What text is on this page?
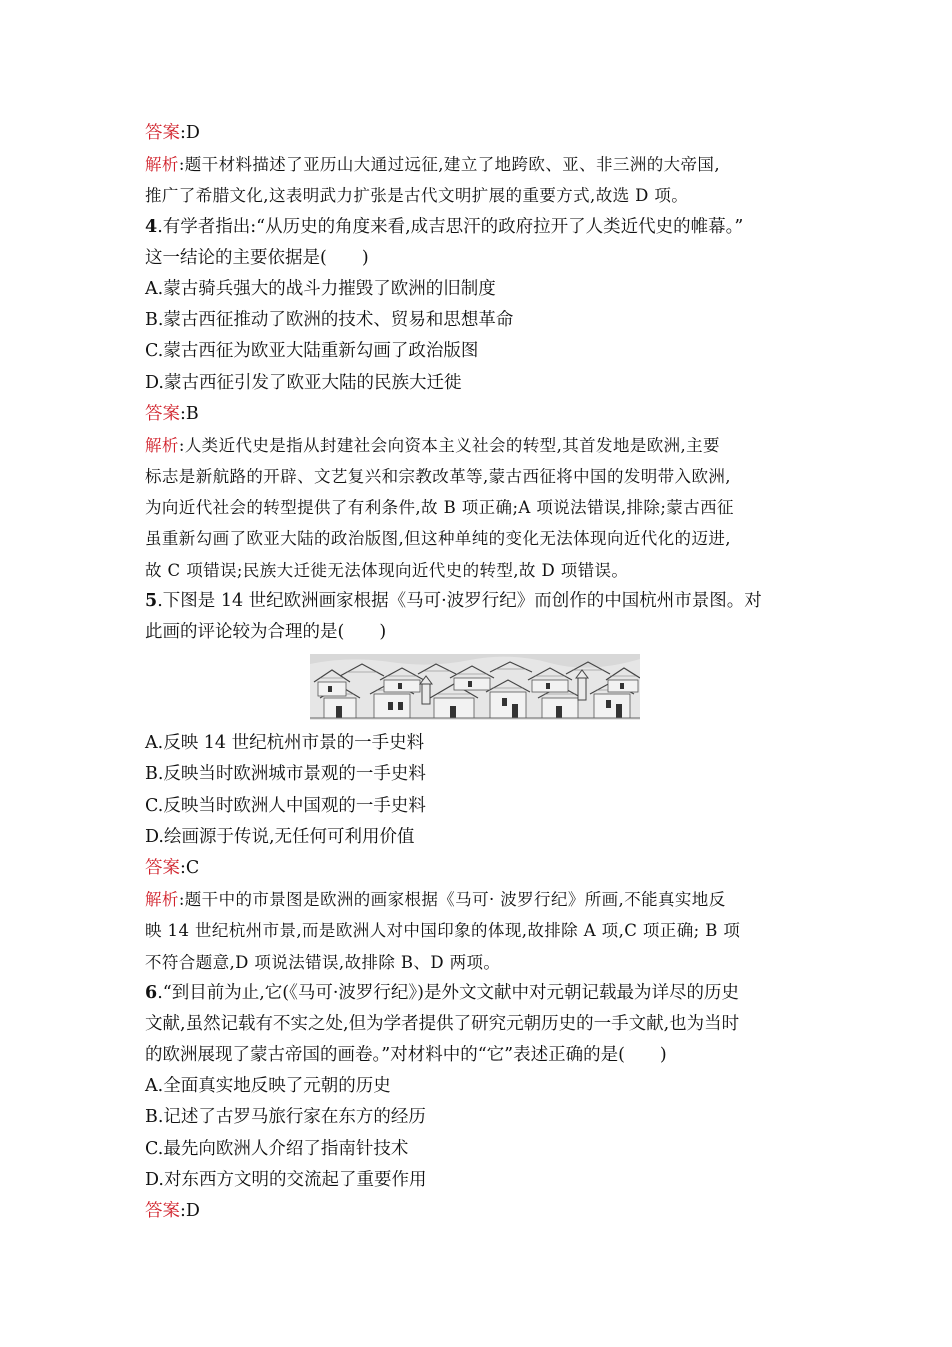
答案:D
解析:题干材料描述了亚历山大通过远征,建立了地跨欧、亚、非三洲的大帝国,
推广了希腊文化,这表明武力扩张是古代文明扩展的重要方式,故选 D 项。
4.有学者指出:“从历史的角度来看,成吉思汗的政府拉开了人类近代史的帷幕。”
这一结论的主要依据是(　　)
A.蒙古骑兵强大的战斗力摧毁了欧洲的旧制度
B.蒙古西征推动了欧洲的技术、贸易和思想革命
C.蒙古西征为欧亚大陆重新勾画了政治版图
D.蒙古西征引发了欧亚大陆的民族大迁徙
答案:B
解析:人类近代史是指从封建社会向资本主义社会的转型,其首发地是欧洲,主要
标志是新航路的开辟、文艺复兴和宗教改革等,蒙古西征将中国的发明带入欧洲,
为向近代社会的转型提供了有利条件,故 B 项正确;A 项说法错误,排除;蒙古西征
虽重新勾画了欧亚大陆的政治版图,但这种单纯的变化无法体现向近代化的迈进,
故 C 项错误;民族大迁徙无法体现向近代史的转型,故 D 项错误。
5.下图是 14 世纪欧洲画家根据《马可·波罗行纪》而创作的中国杭州市景图。对
此画的评论较为合理的是(　　)
A.反映 14 世纪杭州市景的一手史料
B.反映当时欧洲城市景观的一手史料
C.反映当时欧洲人中国观的一手史料
D.绘画源于传说,无任何可利用价值
答案:C
解析:题干中的市景图是欧洲的画家根据《马可· 波罗行纪》所画,不能真实地反
映 14 世纪杭州市景,而是欧洲人对中国印象的体现,故排除 A 项,C 项正确; B 项
不符合题意,D 项说法错误,故排除 B、D 两项。
6.“到目前为止,它(《马可·波罗行纪》)是外文文献中对元朝记载最为详尽的历史
文献,虽然记载有不实之处,但为学者提供了研究元朝历史的一手文献,也为当时
的欧洲展现了蒙古帝国的画卷。”对材料中的“它”表述正确的是(　　)
A.全面真实地反映了元朝的历史
B.记述了古罗马旅行家在东方的经历
C.最先向欧洲人介绍了指南针技术
D.对东西方文明的交流起了重要作用
答案:D
